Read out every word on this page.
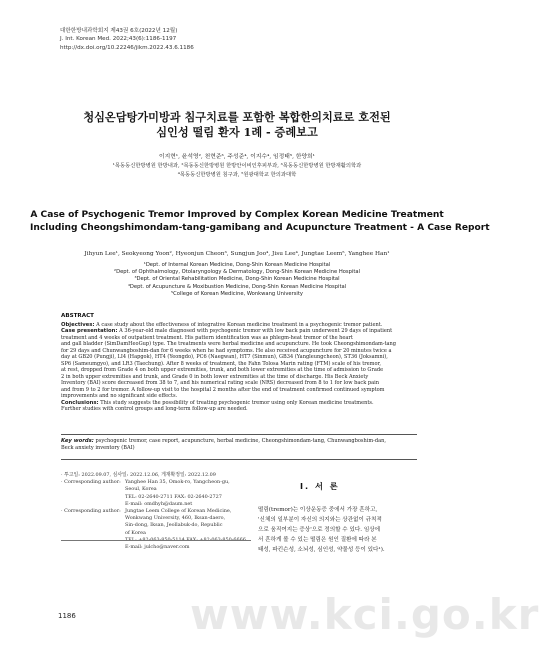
대한한방내과학회지 제43권 6호(2022년 12월)
J. Int. Korean Med. 2022;43(6):1186-1197
http://dx.doi.org/10.22246/jikm.2022.43.6.1186
청심온담탕가미방과 침구치료를 포함한 복합한의치료로 호전된
심인성 떨림 환자 1례 - 증례보고
이지현¹, 윤석영², 천현준³, 주성준⁴, 이지수⁴, 임정태⁵, 한양희¹
¹목동동신한방병원 한방내과, ²목동동신한방병원 한방안이비인후피부과, ³목동동신한방병원 한방재활의학과
⁴목동동신한방병원 침구과, ⁵원광대학교 한의과대학
A Case of Psychogenic Tremor Improved by Complex Korean Medicine Treatment
Including Cheongshimondam-tang-gamibang and Acupuncture Treatment - A Case Report
Jihyun Lee¹, Seokyeong Yoon², Hyeonjun Cheon³, Sungjun Joo⁴, Jisu Lee⁴, Jungtae Leem⁵, Yanghee Han¹
¹Dept. of Internal Korean Medicine, Dong-Shin Korean Medicine Hospital
²Dept. of Ophthalmology, Otolaryngology & Dermatology, Dong-Shin Korean Medicine Hospital
³Dept. of Oriental Rehabilitation Medicine, Dong-Shin Korean Medicine Hospital
⁴Dept. of Acupuncture & Moxibustion Medicine, Dong-Shin Korean Medicine Hospital
⁵College of Korean Medicine, Wonkwang University
ABSTRACT
Objectives: A case study about the effectiveness of integrative Korean medicine treatment in a psychogenic tremor patient.
Case presentation: A 36-year-old male diagnosed with psychogenic tremor with low back pain underwent 29 days of inpatient
treatment and 4 weeks of outpatient treatment. His pattern identification was as phlegm-heat tremor of the heart
and gall bladder (SimDamHeoGup) type. The treatments were herbal medicine and acupuncture. He took Cheongshimondam-tang
for 29 days and Chunwangboshim-dan for 6 weeks when he had symptoms. He also received acupuncture for 20 minutes twice a
day at GB20 (Pungji), LI4 (Hapgok), HT4 (Yeongdo), PC6 (Naegwan), HT7 (Sinmun), GB34 (Yangleungcheon), ST36 (Joksamni),
SP6 (Sameumgyo), and LR3 (Taechung). After 8 weeks of treatment, the Fahn Tolosa Marin rating (FTM) scale of his tremor,
at rest, dropped from Grade 4 on both upper extremities, trunk, and both lower extremities at the time of admission to Grade
2 in both upper extremities and trunk, and Grade 0 in both lower extremities at the time of discharge. His Beck Anxiety
Inventory (BAI) score decreased from 38 to 7, and his numerical rating scale (NRS) decreased from 8 to 1 for low back pain
and from 9 to 2 for tremor. A follow-up visit to the hospital 2 months after the end of treatment confirmed continued symptom
improvements and no significant side effects.
Conclusions: This study suggests the possibility of treating psychogenic tremor using only Korean medicine treatments.
Further studies with control groups and long-term follow-up are needed.
Key words: psychogenic tremor, case report, acupuncture, herbal medicine, Cheongshimondam-tang, Chunwangboshim-dan,
Beck anxiety inventory (BAI)
· 투고일: 2022.09.07, 심사일: 2022.12.06, 게재확정일: 2022.12.09
· Corresponding author: Yanghee Han 35, Omok-ro, Yangcheon-gu,
Seoul, Korea
TEL: 02-2640-2711 FAX: 02-2640-2727
E-mail: omdhyh@daum.net
· Corresponding author: Jungtae Leem College of Korean Medicine,
Wonkwang University, 460, Iksan-daero,
Sin-dong, Iksan, Jeollabuk-do, Republic
of Korea
TEL: +82-063-850-5114 FAX: +82-063-850-6666
E-mail: julcho@naver.com
Ⅰ. 서 론
떨림(tremor)는 이상운동증 중에서 가장 흔하고,
'신체의 일부분이 자신의 의지와는 상관없이 규칙적
으로 움직여지는 증상'으로 정의할 수 있다. 임상에
서 흔하게 볼 수 있는 떨림은 원인 질환에 따라 본
태성, 파킨슨성, 소뇌성, 심인성, 약물성 등이 있다¹).
www.kci.go.kr
1186
